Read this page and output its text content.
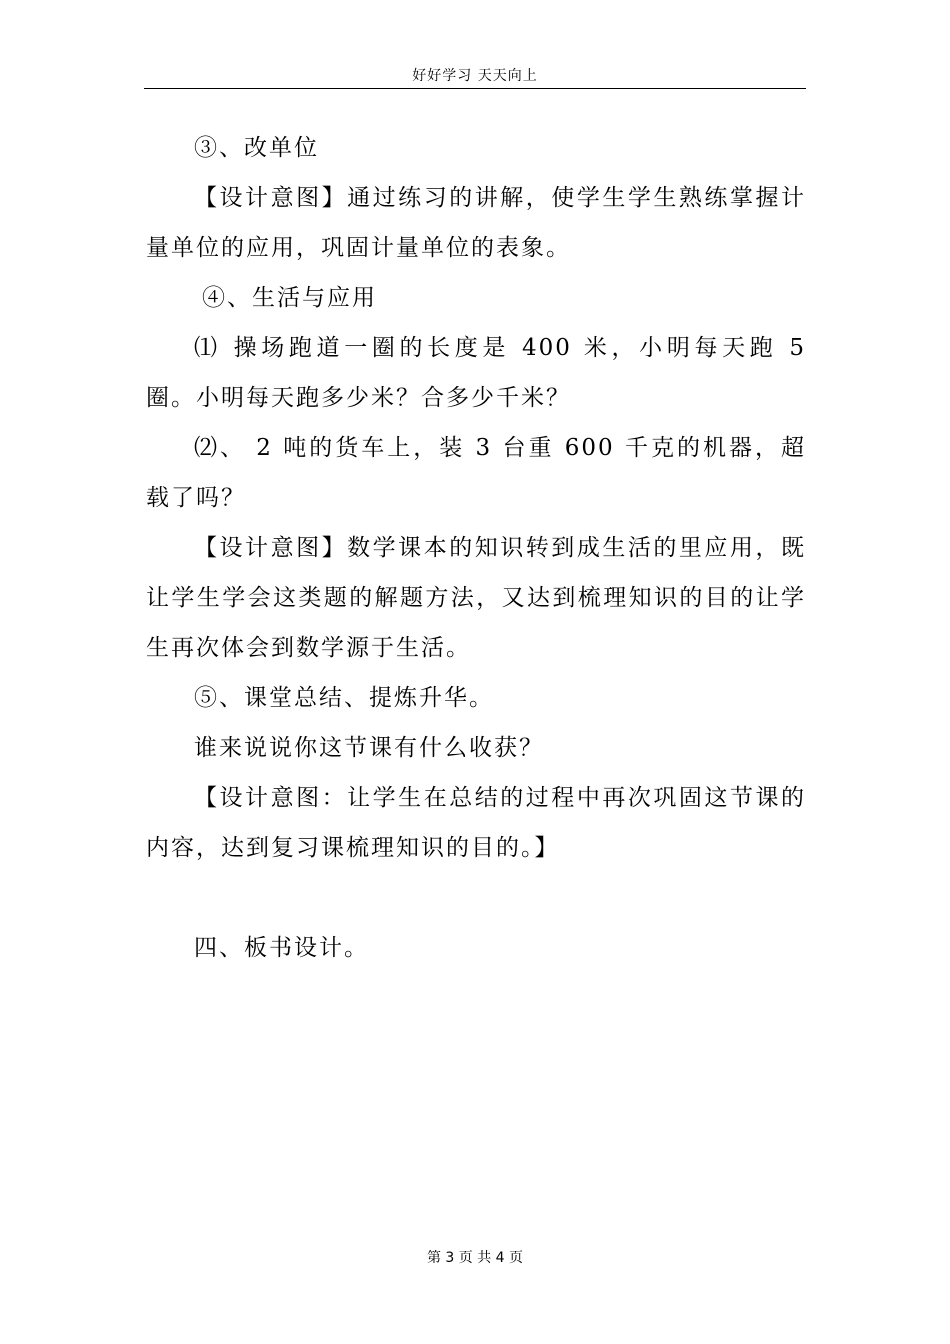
好好学习 天天向上

③、改单位

【设计意图】通过练习的讲解，使学生学生熟练掌握计量单位的应用，巩固计量单位的表象。

④、生活与应用

⑴ 操场跑道一圈的长度是 400 米，小明每天跑 5 圈。小明每天跑多少米？合多少千米？

⑵、 2 吨的货车上，装 3 台重 600 千克的机器，超载了吗？

【设计意图】数学课本的知识转到成生活的里应用，既让学生学会这类题的解题方法，又达到梳理知识的目的让学生再次体会到数学源于生活。

⑤、课堂总结、提炼升华。

谁来说说你这节课有什么收获？

【设计意图：让学生在总结的过程中再次巩固这节课的内容，达到复习课梳理知识的目的。】

四、板书设计。

第 3 页 共 4 页
